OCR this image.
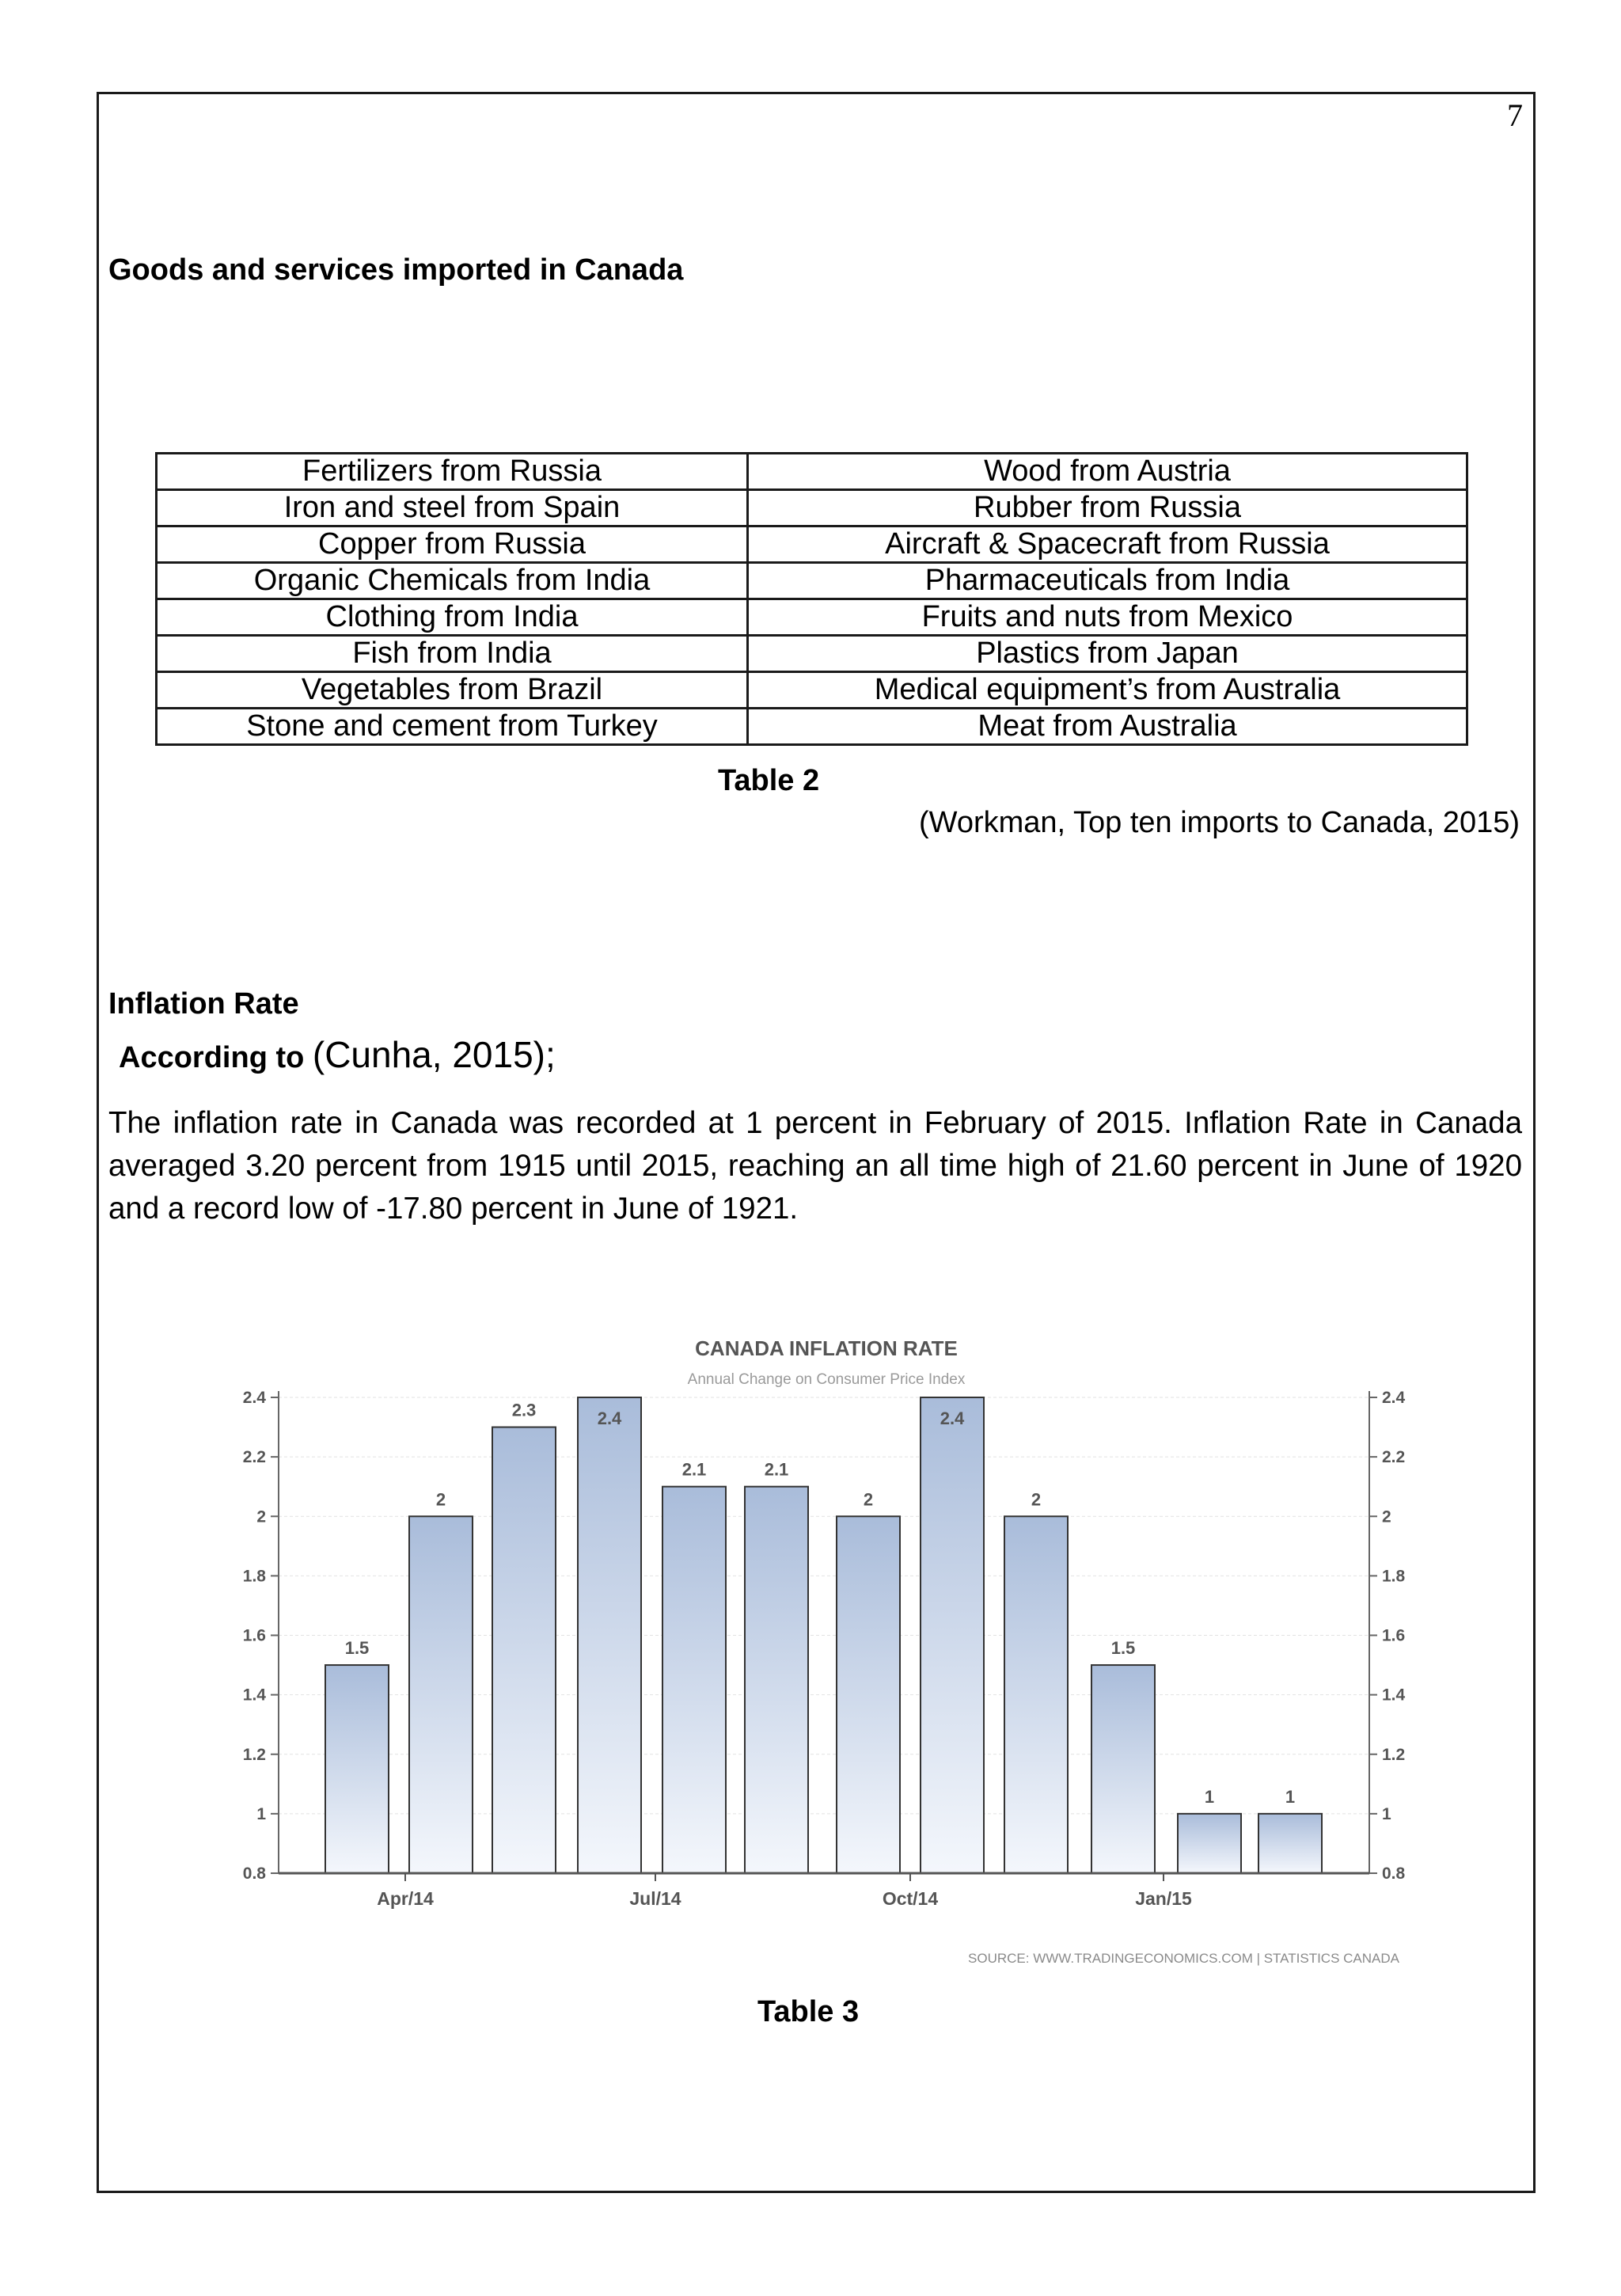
7
Goods and services imported in Canada
Fertilizers from Russia	Wood from Austria
Iron and steel from Spain	Rubber from Russia
Copper from Russia	Aircraft & Spacecraft from Russia
Organic Chemicals from India	Pharmaceuticals from India
Clothing from India	Fruits and nuts from Mexico
Fish from India	Plastics from Japan
Vegetables from Brazil	Medical equipment’s from Australia
Stone and cement from Turkey	Meat from Australia
Table 2
(Workman, Top ten imports to Canada, 2015)
Inflation Rate
According to (Cunha, 2015);
The inflation rate in Canada was recorded at 1 percent in February of 2015. Inflation Rate in Canada averaged 3.20 percent from 1915 until 2015, reaching an all time high of 21.60 percent in June of 1920 and a record low of -17.80 percent in June of 1921.
CANADA INFLATION RATE
Annual Change on Consumer Price Index
1.5
2
2.3	2.4
2.1	2.1
2
2.4
2
1.5
1	1
0.8	0.8
1	1
1.2	1.2
1.4	1.4
1.6	1.6
1.8	1.8
2	2
2.2	2.2
2.4	2.4
Apr/14	Jul/14	Oct/14	Jan/15
SOURCE: WWW.TRADINGECONOMICS.COM | STATISTICS CANADA
Table 3
